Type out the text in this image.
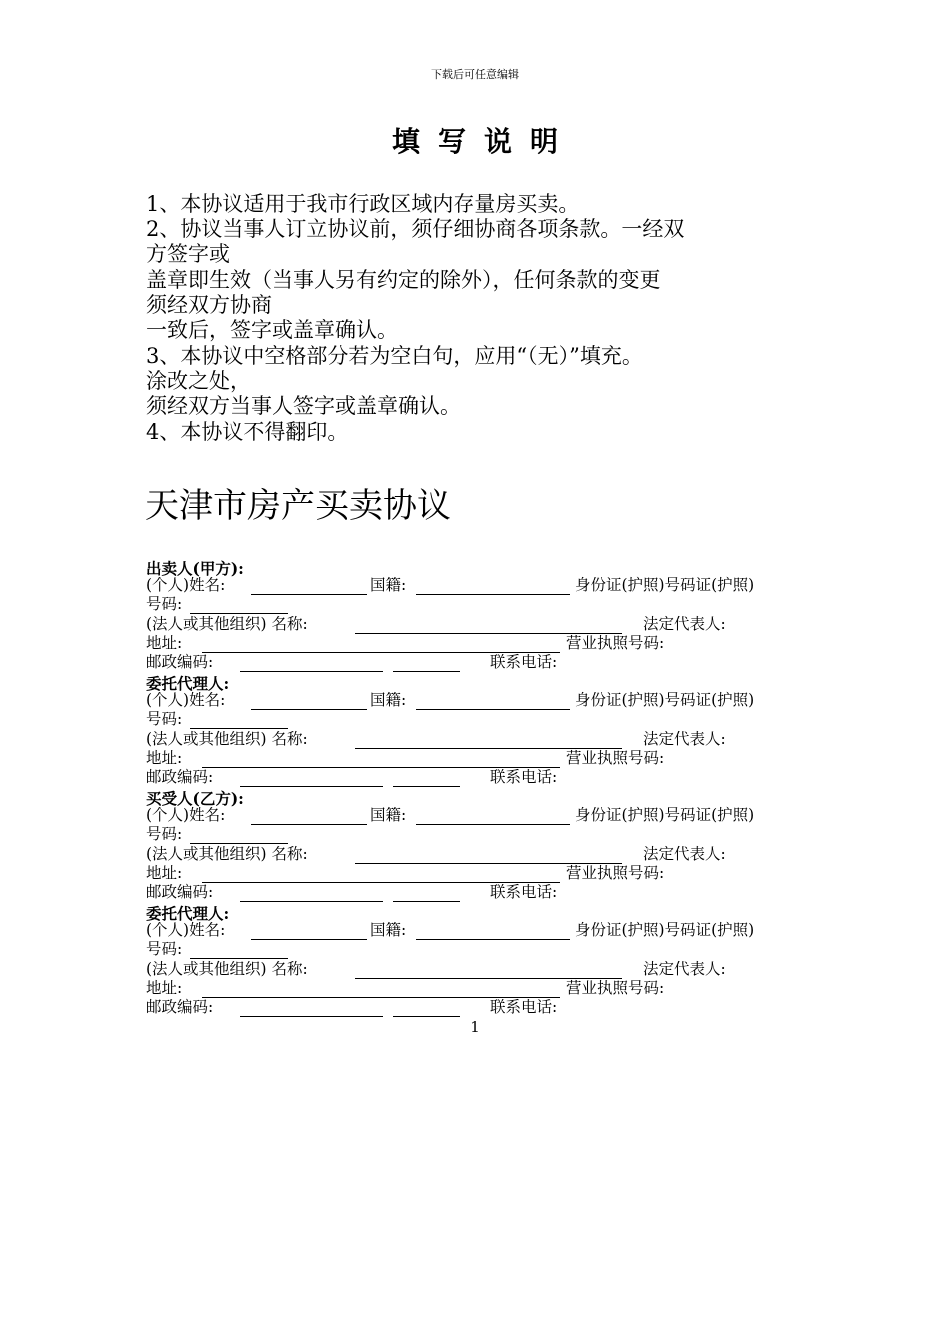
下载后可任意编辑
填写说明
1、本协议适用于我市行政区域内存量房买卖。
2、协议当事人订立协议前，须仔细协商各项条款。一经双
方签字或
盖章即生效（当事人另有约定的除外），任何条款的变更
须经双方协商
一致后，签字或盖章确认。
3、本协议中空格部分若为空白句，应用“（无）”填充。
涂改之处，
须经双方当事人签字或盖章确认。
4、本协议不得翻印。
天津市房产买卖协议
出卖人(甲方):
(个人)姓名:	国籍:	身份证(护照)号码证(护照)
号码:
(法人或其他组织) 名称:	法定代表人:
地址:	营业执照号码:
邮政编码:	联系电话:
委托代理人:
(个人)姓名:	国籍:	身份证(护照)号码证(护照)
号码:
(法人或其他组织) 名称:	法定代表人:
地址:	营业执照号码:
邮政编码:	联系电话:
买受人(乙方):
(个人)姓名:	国籍:	身份证(护照)号码证(护照)
号码:
(法人或其他组织) 名称:	法定代表人:
地址:	营业执照号码:
邮政编码:	联系电话:
委托代理人:
(个人)姓名:	国籍:	身份证(护照)号码证(护照)
号码:
(法人或其他组织) 名称:	法定代表人:
地址:	营业执照号码:
邮政编码:	联系电话:
1
